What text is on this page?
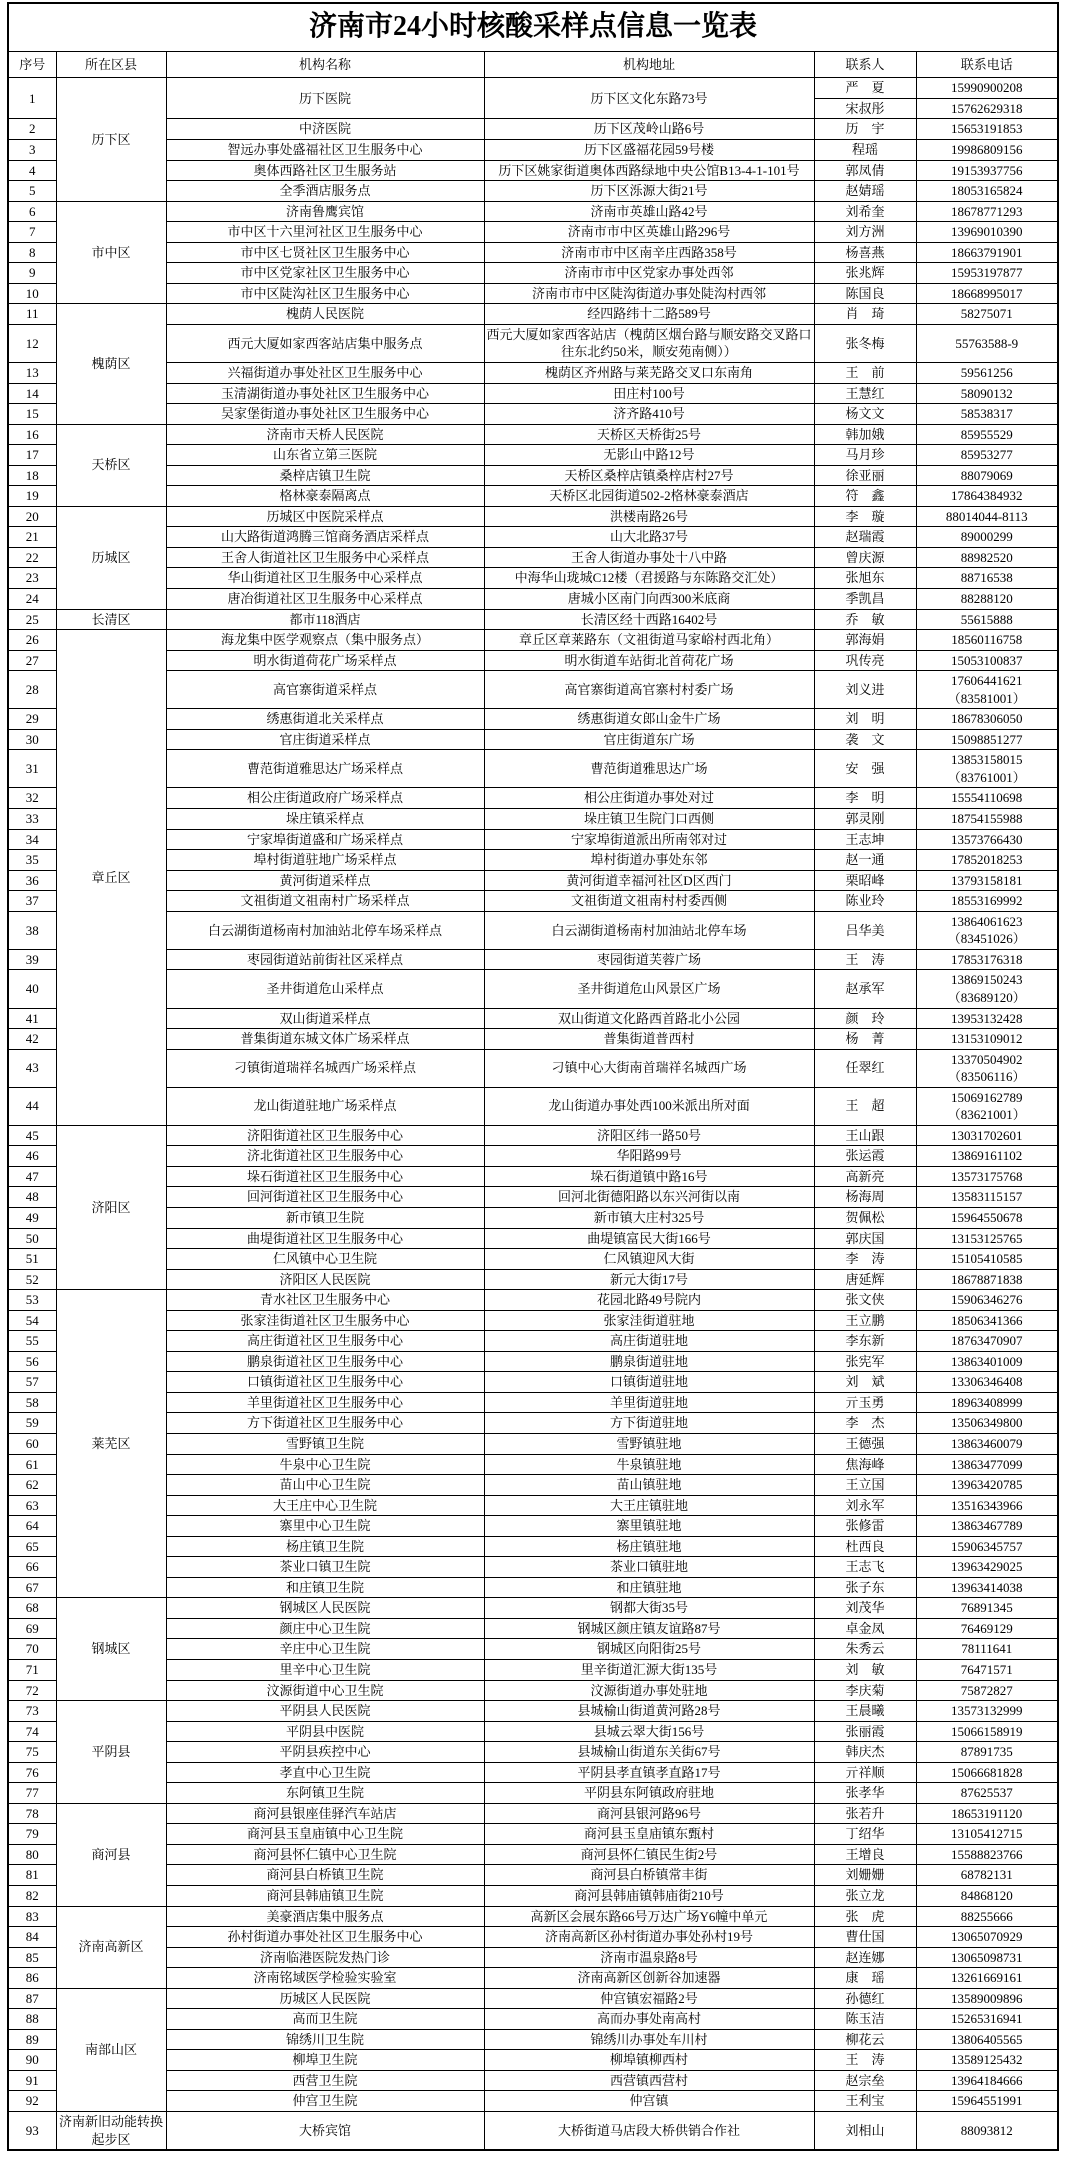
济南市24小时核酸采样点信息一览表					
序号	所在区县	机构名称	机构地址	联系人	联系电话
1	历下区	历下医院	历下区文化东路73号	严　夏	15990900208
				宋叔彤	15762629318
2		中济医院	历下区茂岭山路6号	历　宇	15653191853
3		智远办事处盛福社区卫生服务中心	历下区盛福花园59号楼	程瑶	19986809156
4		奥体西路社区卫生服务站	历下区姚家街道奥体西路绿地中央公馆B13-4-1-101号	郭凤倩	19153937756
5		全季酒店服务点	历下区泺源大街21号	赵婧瑶	18053165824
6	市中区	济南鲁鹰宾馆	济南市英雄山路42号	刘希奎	18678771293
7		市中区十六里河社区卫生服务中心	济南市市中区英雄山路296号	刘方洲	13969010390
8		市中区七贤社区卫生服务中心	济南市市中区南辛庄西路358号	杨喜燕	18663791901
9		市中区党家社区卫生服务中心	济南市市中区党家办事处西邻	张兆辉	15953197877
10		市中区陡沟社区卫生服务中心	济南市市中区陡沟街道办事处陡沟村西邻	陈国良	18668995017
11	槐荫区	槐荫人民医院	经四路纬十二路589号	肖　琦	58275071
12		西元大厦如家西客站店集中服务点	西元大厦如家西客站店（槐荫区烟台路与顺安路交叉路口往东北约50米，顺安苑南侧））	张冬梅	55763588-9
13		兴福街道办事处社区卫生服务中心	槐荫区齐州路与莱芜路交叉口东南角	王　前	59561256
14		玉清湖街道办事处社区卫生服务中心	田庄村100号	王慧红	58090132
15		吴家堡街道办事处社区卫生服务中心	济齐路410号	杨文文	58538317
16	天桥区	济南市天桥人民医院	天桥区天桥街25号	韩加娥	85955529
17		山东省立第三医院	无影山中路12号	马月珍	85953277
18		桑梓店镇卫生院	天桥区桑梓店镇桑梓店村27号	徐亚丽	88079069
19		格林豪泰隔离点	天桥区北园街道502-2格林豪泰酒店	符　鑫	17864384932
20	历城区	历城区中医院采样点	洪楼南路26号	李　璇	88014044-8113
21		山大路街道鸿腾三馆商务酒店采样点	山大北路37号	赵瑞霞	89000299
22		王舍人街道社区卫生服务中心采样点	王舍人街道办事处十八中路	曾庆源	88982520
23		华山街道社区卫生服务中心采样点	中海华山珑城C12楼（君援路与东陈路交汇处）	张旭东	88716538
24		唐冶街道社区卫生服务中心采样点	唐城小区南门向西300米底商	季凯昌	88288120
25	长清区	都市118酒店	长清区经十西路16402号	乔　敏	55615888
26	章丘区	海龙集中医学观察点（集中服务点）	章丘区章莱路东（文祖街道马家峪村西北角）	郭海娟	18560116758
27		明水街道荷花广场采样点	明水街道车站街北首荷花广场	巩传亮	15053100837
28		高官寨街道采样点	高官寨街道高官寨村村委广场	刘义进	17606441621（83581001）
29		绣惠街道北关采样点	绣惠街道女郎山金牛广场	刘　明	18678306050
30		官庄街道采样点	官庄街道东广场	袭　文	15098851277
31		曹范街道雅思达广场采样点	曹范街道雅思达广场	安　强	13853158015（83761001）
32		相公庄街道政府广场采样点	相公庄街道办事处对过	李　明	15554110698
33		垛庄镇采样点	垛庄镇卫生院门口西侧	郭灵刚	18754155988
34		宁家埠街道盛和广场采样点	宁家埠街道派出所南邻对过	王志坤	13573766430
35		埠村街道驻地广场采样点	埠村街道办事处东邻	赵一通	17852018253
36		黄河街道采样点	黄河街道幸福河社区D区西门	栗昭峰	13793158181
37		文祖街道文祖南村广场采样点	文祖街道文祖南村村委西侧	陈业玲	18553169992
38		白云湖街道杨南村加油站北停车场采样点	白云湖街道杨南村加油站北停车场	吕华美	13864061623（83451026）
39		枣园街道站前街社区采样点	枣园街道芙蓉广场	王　涛	17853176318
40		圣井街道危山采样点	圣井街道危山风景区广场	赵承军	13869150243（83689120）
41		双山街道采样点	双山街道文化路西首路北小公园	颜　玲	13953132428
42		普集街道东城文体广场采样点	普集街道普西村	杨　菁	13153109012
43		刁镇街道瑞祥名城西广场采样点	刁镇中心大街南首瑞祥名城西广场	任翠红	13370504902（83506116）
44		龙山街道驻地广场采样点	龙山街道办事处西100米派出所对面	王　超	15069162789（83621001）
45	济阳区	济阳街道社区卫生服务中心	济阳区纬一路50号	王山跟	13031702601
46		济北街道社区卫生服务中心	华阳路99号	张运霞	13869161102
47		垛石街道社区卫生服务中心	垛石街道镇中路16号	高新亮	13573175768
48		回河街道社区卫生服务中心	回河北街德阳路以东兴河街以南	杨海周	13583115157
49		新市镇卫生院	新市镇大庄村325号	贺佩松	15964550678
50		曲堤街道社区卫生服务中心	曲堤镇富民大街166号	郭庆国	13153125765
51		仁风镇中心卫生院	仁风镇迎风大街	李　涛	15105410585
52		济阳区人民医院	新元大街17号	唐延辉	18678871838
53	莱芜区	青水社区卫生服务中心	花园北路49号院内	张文侠	15906346276
54		张家洼街道社区卫生服务中心	张家洼街道驻地	王立鹏	18506341366
55		高庄街道社区卫生服务中心	高庄街道驻地	李东新	18763470907
56		鹏泉街道社区卫生服务中心	鹏泉街道驻地	张宪军	13863401009
57		口镇街道社区卫生服务中心	口镇街道驻地	刘　斌	13306346408
58		羊里街道社区卫生服务中心	羊里街道驻地	亓玉勇	18963408999
59		方下街道社区卫生服务中心	方下街道驻地	李　杰	13506349800
60		雪野镇卫生院	雪野镇驻地	王德强	13863460079
61		牛泉中心卫生院	牛泉镇驻地	焦海峰	13863477099
62		苗山中心卫生院	苗山镇驻地	王立国	13963420785
63		大王庄中心卫生院	大王庄镇驻地	刘永军	13516343966
64		寨里中心卫生院	寨里镇驻地	张修雷	13863467789
65		杨庄镇卫生院	杨庄镇驻地	杜西良	15906345757
66		茶业口镇卫生院	茶业口镇驻地	王志飞	13963429025
67		和庄镇卫生院	和庄镇驻地	张子东	13963414038
68	钢城区	钢城区人民医院	钢都大街35号	刘茂华	76891345
69		颜庄中心卫生院	钢城区颜庄镇友谊路87号	卓金凤	76469129
70		辛庄中心卫生院	钢城区向阳街25号	朱秀云	78111641
71		里辛中心卫生院	里辛街道汇源大街135号	刘　敏	76471571
72		汶源街道中心卫生院	汶源街道办事处驻地	李庆菊	75872827
73	平阴县	平阴县人民医院	县城榆山街道黄河路28号	王晨曦	13573132999
74		平阴县中医院	县城云翠大街156号	张丽霞	15066158919
75		平阴县疾控中心	县城榆山街道东关街67号	韩庆杰	87891735
76		孝直中心卫生院	平阴县孝直镇孝直路17号	亓祥顺	15066681828
77		东阿镇卫生院	平阴县东阿镇政府驻地	张孝华	87625537
78	商河县	商河县银座佳驿汽车站店	商河县银河路96号	张若升	18653191120
79		商河县玉皇庙镇中心卫生院	商河县玉皇庙镇东甄村	丁绍华	13105412715
80		商河县怀仁镇中心卫生院	商河县怀仁镇民生街2号	王增良	15588823766
81		商河县白桥镇卫生院	商河县白桥镇常丰街	刘姗姗	68782131
82		商河县韩庙镇卫生院	商河县韩庙镇韩庙街210号	张立龙	84868120
83	济南高新区	美豪酒店集中服务点	高新区会展东路66号万达广场Y6幢中单元	张　虎	88255666
84		孙村街道办事处社区卫生服务中心	济南高新区孙村街道办事处孙村19号	曹仕国	13065070929
85		济南临港医院发热门诊	济南市温泉路8号	赵连娜	13065098731
86		济南铭域医学检验实验室	济南高新区创新谷加速器	康　瑶	13261669161
87	南部山区	历城区人民医院	仲宫镇宏福路2号	孙德红	13589009896
88		高而卫生院	高而办事处南高村	陈玉洁	15265316941
89		锦绣川卫生院	锦绣川办事处车川村	柳花云	13806405565
90		柳埠卫生院	柳埠镇柳西村	王　涛	13589125432
91		西营卫生院	西营镇西营村	赵宗垒	13964184666
92		仲宫卫生院	仲宫镇	王利宝	15964551991
93	济南新旧动能转换起步区	大桥宾馆	大桥街道马店段大桥供销合作社	刘相山	88093812
